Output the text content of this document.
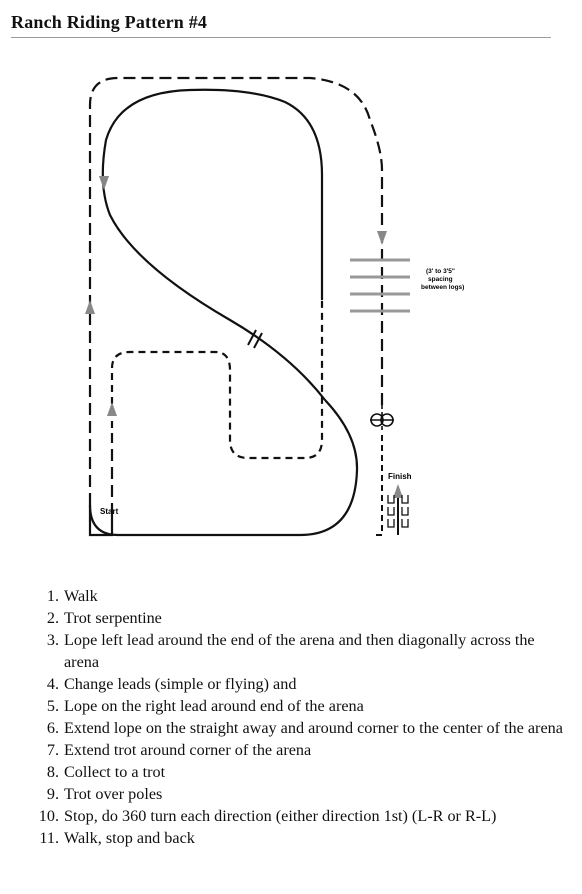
Ranch Riding Pattern #4
(3' to 3'5" spacing between logs)
Start
Finish
1. Walk
2. Trot serpentine
3. Lope left lead around the end of the arena and then diagonally across the arena
4. Change leads (simple or flying) and
5. Lope on the right lead around end of the arena
6. Extend lope on the straight away and around corner to the center of the arena
7. Extend trot around corner of the arena
8. Collect to a trot
9. Trot over poles
10. Stop, do 360 turn each direction (either direction 1st) (L-R or R-L)
11. Walk, stop and back
